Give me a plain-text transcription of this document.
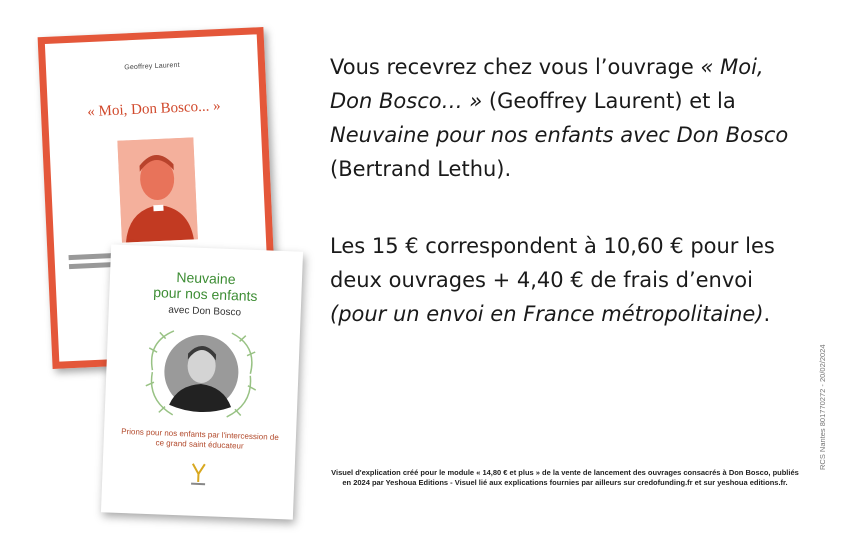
Geoffrey Laurent
« Moi, Don Bosco... »
Neuvaine
pour nos enfants
avec Don Bosco
Prions pour nos enfants par l'intercession de ce grand saint éducateur

Vous recevrez chez vous l’ouvrage « Moi, Don Bosco… » (Geoffrey Laurent) et la Neuvaine pour nos enfants avec Don Bosco (Bertrand Lethu).

Les 15 € correspondent à 10,60 € pour les deux ouvrages + 4,40 € de frais d’envoi (pour un envoi en France métropolitaine).

Visuel d'explication créé pour le module « 14,80 € et plus » de la vente de lancement des ouvrages consacrés à Don Bosco, publiés en 2024 par Yeshoua Editions - Visuel lié aux explications fournies par ailleurs sur credofunding.fr et sur yeshoua editions.fr.
RCS Nantes 801770272 - 20/02/2024
